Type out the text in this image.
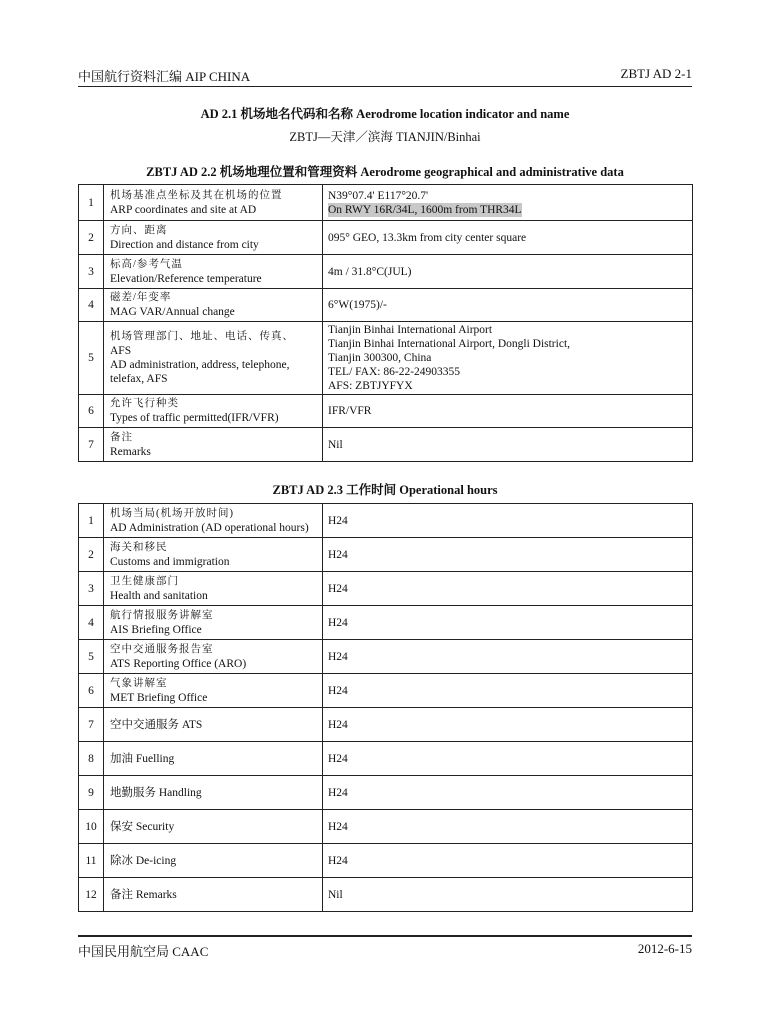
中国航行资料汇编 AIP CHINA	ZBTJ AD 2-1
AD 2.1 机场地名代码和名称 Aerodrome location indicator and name
ZBTJ—天津／滨海 TIANJIN/Binhai
ZBTJ AD 2.2 机场地理位置和管理资料 Aerodrome geographical and administrative data
1	机场基准点坐标及其在机场的位置
ARP coordinates and site at AD	N39°07.4' E117°20.7'
On RWY 16R/34L, 1600m from THR34L
2	方向、距离
Direction and distance from city	095° GEO, 13.3km from city center square
3	标高/参考气温
Elevation/Reference temperature	4m / 31.8°C(JUL)
4	磁差/年变率
MAG VAR/Annual change	6°W(1975)/-
5	机场管理部门、地址、电话、传真、
AFS
AD administration, address, telephone,
telefax, AFS	Tianjin Binhai International Airport
Tianjin Binhai International Airport, Dongli District,
Tianjin 300300, China
TEL/ FAX: 86-22-24903355
AFS: ZBTJYFYX

6	允许飞行种类
Types of traffic permitted(IFR/VFR)	IFR/VFR
7	备注
Remarks	Nil
ZBTJ AD 2.3 工作时间 Operational hours
1	机场当局(机场开放时间)
AD Administration (AD operational hours)	H24
2	海关和移民
Customs and immigration	H24
3	卫生健康部门
Health and sanitation	H24
4	航行情报服务讲解室
AIS Briefing Office	H24
5	空中交通服务报告室
ATS Reporting Office (ARO)	H24
6	气象讲解室
MET Briefing Office	H24
7	空中交通服务 ATS	H24
8	加油 Fuelling	H24
9	地勤服务 Handling	H24
10	保安 Security	H24
11	除冰 De-icing	H24
12	备注 Remarks	Nil
中国民用航空局 CAAC	2012-6-15
